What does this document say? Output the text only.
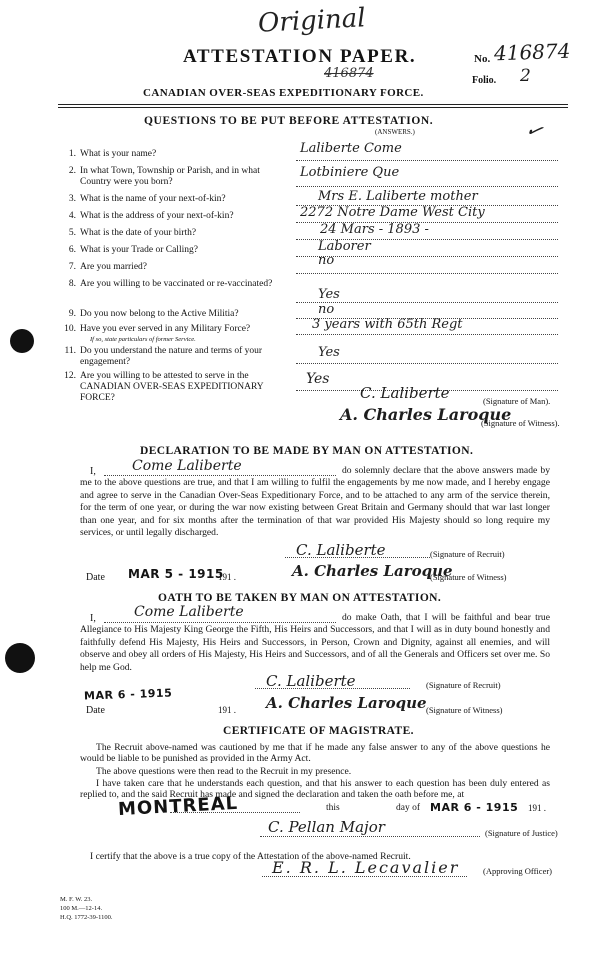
Original
ATTESTATION PAPER.	No. 416874
416874	Folio. 2
CANADIAN OVER-SEAS EXPEDITIONARY FORCE.
QUESTIONS TO BE PUT BEFORE ATTESTATION.
(ANSWERS.)	✓
1. What is your name?	Laliberte Come
2. In what Town, Township or Parish, and in what Country were you born?
Lotbiniere Que
3. What is the name of your next-of-kin?	Mrs E. Laliberte mother
4. What is the address of your next-of-kin?	2272 Notre Dame West City
5. What is the date of your birth?	24 Mars - 1893 -
6. What is your Trade or Calling?	Laborer
7. Are you married?	no
8. Are you willing to be vaccinated or re-vaccinated?
Yes
9. Do you now belong to the Active Militia?	no
10. Have you ever served in any Military Force?
If so, state particulars of former Service.
3 years with 65th Regt
11. Do you understand the nature and terms of your engagement?
Yes
12. Are you willing to be attested to serve in the CANADIAN OVER-SEAS EXPEDITIONARY FORCE?
Yes
C. Laliberte	(Signature of Man).
A. Charles Laroque
(Signature of Witness).
DECLARATION TO BE MADE BY MAN ON ATTESTATION.
I,	Come Laliberte	do solemnly declare that the above answers made by me to the above questions are true, and that I am willing to fulfil the engagements by me now made, and I hereby engage and agree to serve in the Canadian Over-Seas Expeditionary Force, and to be attached to any arm of the service therein, for the term of one year, or during the war now existing between Great Britain and Germany should that war last longer than one year, and for six months after the termination of that war provided His Majesty should so long require my services, or until legally discharged.
C. Laliberte	(Signature of Recruit)
Date MAR 5 - 1915
191 .	A. Charles Laroque
(Signature of Witness)
OATH TO BE TAKEN BY MAN ON ATTESTATION.
I,	Come Laliberte	do make Oath, that I will be faithful and bear true Allegiance to His Majesty King George the Fifth, His Heirs and Successors, and that I will as in duty bound honestly and faithfully defend His Majesty, His Heirs and Successors, in Person, Crown and Dignity, against all enemies, and will observe and obey all orders of His Majesty, His Heirs and Successors, and of all the Generals and Officers set over me. So help me God.
MAR 6 - 1915
C. Laliberte	(Signature of Recruit)
Date	191 . A. Charles Laroque (Signature of Witness)
CERTIFICATE OF MAGISTRATE.
The Recruit above-named was cautioned by me that if he made any false answer to any of the above questions he would be liable to be punished as provided in the Army Act.
The above questions were then read to the Recruit in my presence.
I have taken care that he understands each question, and that his answer to each question has been duly entered as replied to, and the said Recruit has made and signed the declaration and taken the oath before me, at
MONTREAL	this	day of MAR 6 - 1915 191 .
C. Pellan Major	(Signature of Justice)
I certify that the above is a true copy of the Attestation of the above-named Recruit.
E. R. L. Lecavalier	(Approving Officer)
M. F. W. 23.
100 M.—12-14.
H.Q. 1772-39-1100.
